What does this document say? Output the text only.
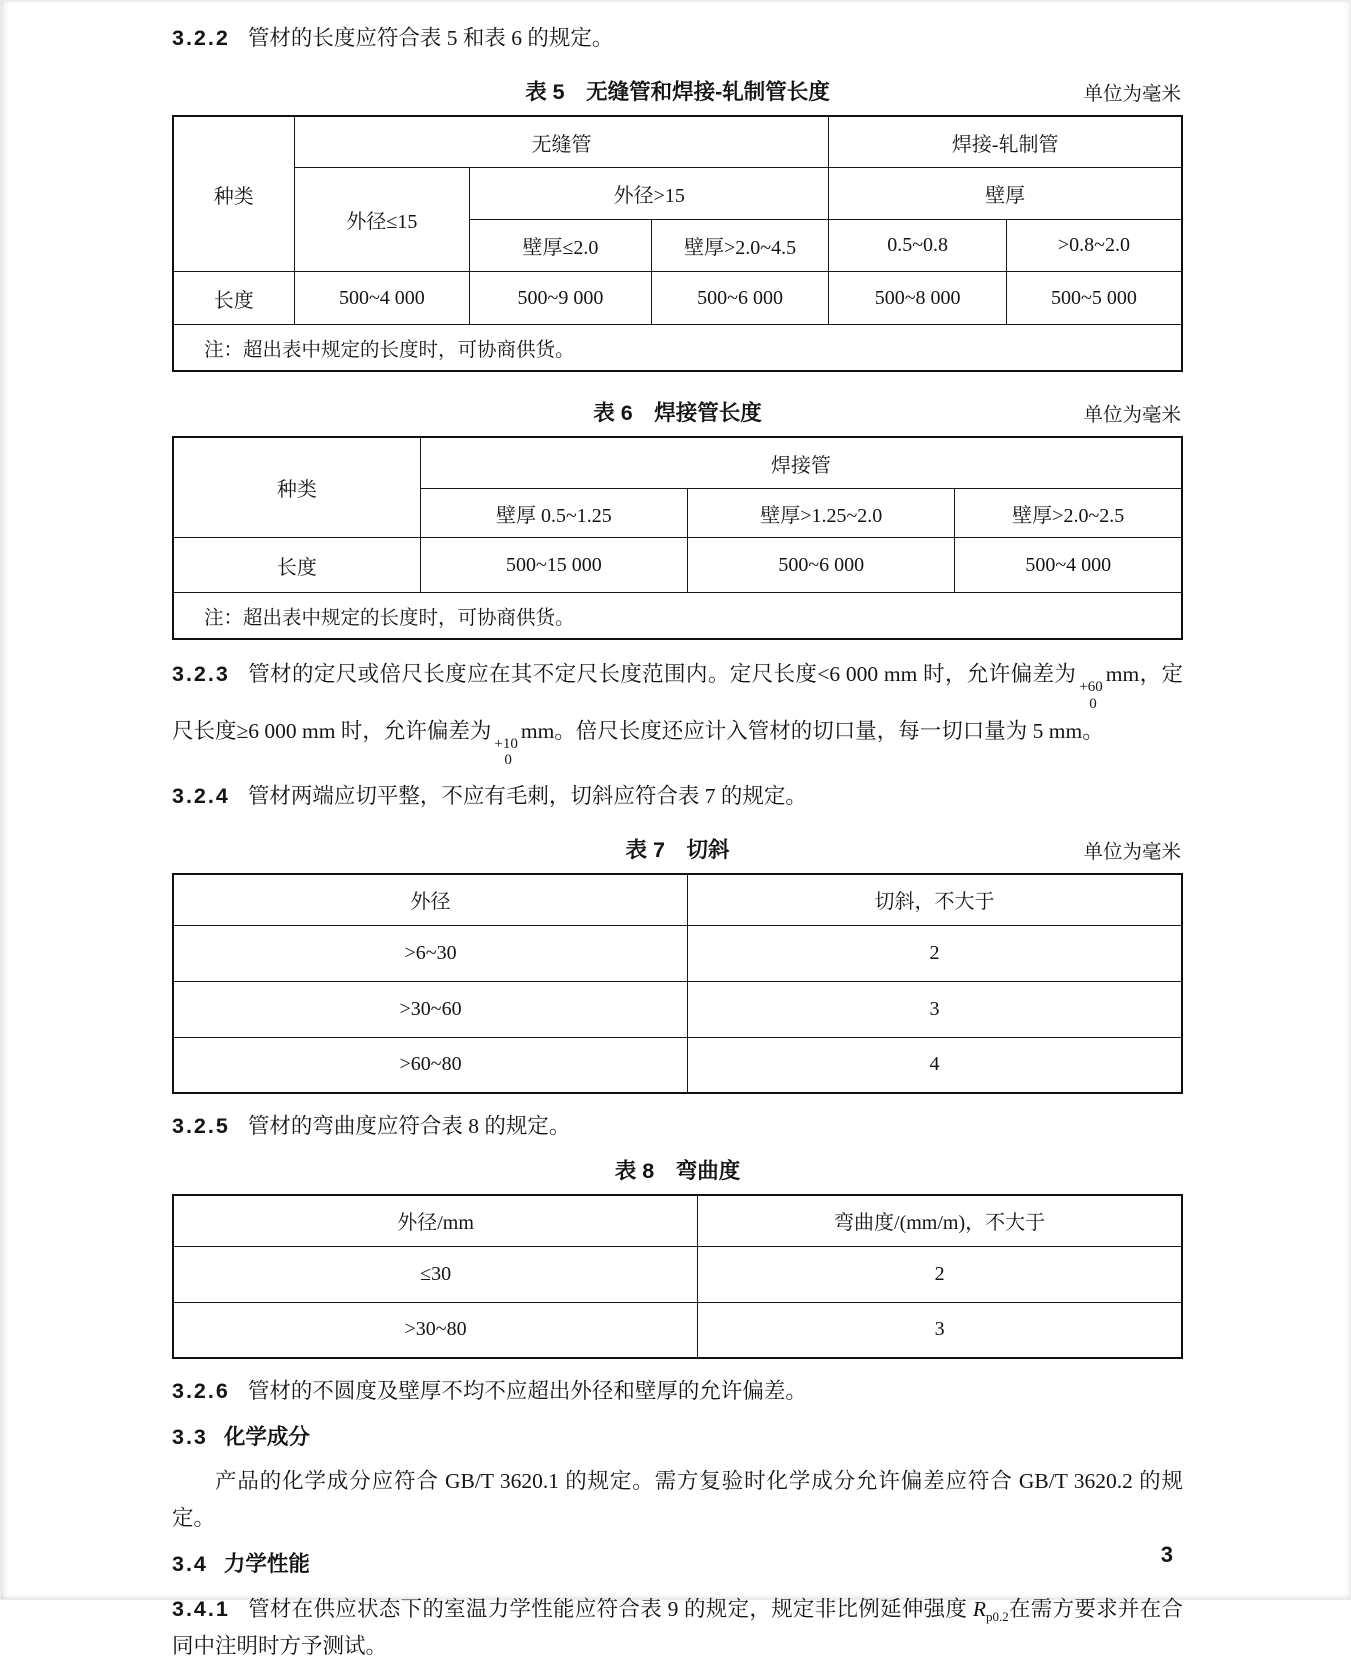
3.2.2 管材的长度应符合表 5 和表 6 的规定。

表 5　无缝管和焊接-轧制管长度	单位为毫米
种类	无缝管			焊接-轧制管	
	外径≤15	外径>15		壁厚	
		壁厚≤2.0	壁厚>2.0~4.5	0.5~0.8	>0.8~2.0
长度	500~4 000	500~9 000	500~6 000	500~8 000	500~5 000
注：超出表中规定的长度时，可协商供货。					
表 6　焊接管长度	单位为毫米
种类	焊接管		
	壁厚 0.5~1.25	壁厚>1.25~2.0	壁厚>2.0~2.5
长度	500~15 000	500~6 000	500~4 000
注：超出表中规定的长度时，可协商供货。			

3.2.3 管材的定尺或倍尺长度应在其不定尺长度范围内。定尺长度<6 000 mm 时，允许偏差为
+60
0
mm，定尺长度≥6 000 mm 时，允许偏差为
+10
0
mm。倍尺长度还应计入管材的切口量，每一切口量为 5 mm。

3.2.4 管材两端应切平整，不应有毛刺，切斜应符合表 7 的规定。

表 7　切斜	单位为毫米
外径	切斜，不大于
>6~30	2
>30~60	3
>60~80	4

3.2.5 管材的弯曲度应符合表 8 的规定。

表 8　弯曲度
外径/mm	弯曲度/(mm/m)，不大于
≤30	2
>30~80	3

3.2.6 管材的不圆度及壁厚不均不应超出外径和壁厚的允许偏差。

3.3 化学成分

产品的化学成分应符合 GB/T 3620.1 的规定。需方复验时化学成分允许偏差应符合 GB/T 3620.2 的规定。

3.4 力学性能

3.4.1 管材在供应状态下的室温力学性能应符合表 9 的规定，规定非比例延伸强度 $R_{p0.2}$在需方要求并在合同中注明时方予测试。

3
